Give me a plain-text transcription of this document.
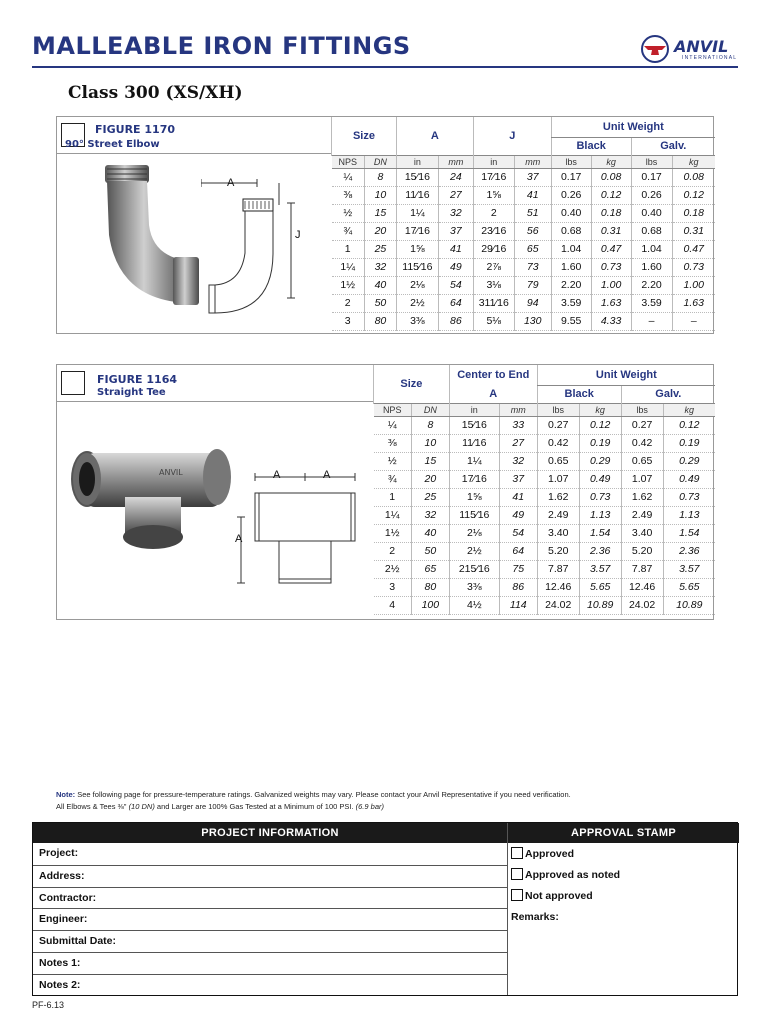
MALLEABLE IRON FITTINGS	ANVIL
INTERNATIONAL
Class 300 (XS/XH)
FIGURE 1170
90° Street Elbow
A
J
Size		A		J		Unit Weight			
						Black		Galv.	
NPS	DN	in	mm	in	mm	lbs	kg	lbs	kg
¼	8	15⁄16	24	17⁄16	37	0.17	0.08	0.17	0.08
⅜	10	11⁄16	27	1⅝	41	0.26	0.12	0.26	0.12
½	15	1¼	32	2	51	0.40	0.18	0.40	0.18
¾	20	17⁄16	37	23⁄16	56	0.68	0.31	0.68	0.31
1	25	1⅝	41	29⁄16	65	1.04	0.47	1.04	0.47
1¼	32	115⁄16	49	2⅞	73	1.60	0.73	1.60	0.73
1½	40	2⅛	54	3⅛	79	2.20	1.00	2.20	1.00
2	50	2½	64	311⁄16	94	3.59	1.63	3.59	1.63
3	80	3⅜	86	5⅛	130	9.55	4.33	–	–
FIGURE 1164
Straight Tee
ANVIL	A	A
A
Size		Center to End		Unit Weight			
		A		Black		Galv.	
NPS	DN	in	mm	lbs	kg	lbs	kg
¼	8	15⁄16	33	0.27	0.12	0.27	0.12
⅜	10	11⁄16	27	0.42	0.19	0.42	0.19
½	15	1¼	32	0.65	0.29	0.65	0.29
¾	20	17⁄16	37	1.07	0.49	1.07	0.49
1	25	1⅝	41	1.62	0.73	1.62	0.73
1¼	32	115⁄16	49	2.49	1.13	2.49	1.13
1½	40	2⅛	54	3.40	1.54	3.40	1.54
2	50	2½	64	5.20	2.36	5.20	2.36
2½	65	215⁄16	75	7.87	3.57	7.87	3.57
3	80	3⅜	86	12.46	5.65	12.46	5.65
4	100	4½	114	24.02	10.89	24.02	10.89
Note: See following page for pressure-temperature ratings. Galvanized weights may vary. Please contact your Anvil Representative if you need verification.
All Elbows & Tees ⅜" (10 DN) and Larger are 100% Gas Tested at a Minimum of 100 PSI. (6.9 bar)
PROJECT INFORMATION	APPROVAL STAMP
Project:
Address:
Contractor:
Engineer:
Submittal Date:
Notes 1:
Notes 2:
Approved
Approved as noted
Not approved
Remarks:
PF-6.13
